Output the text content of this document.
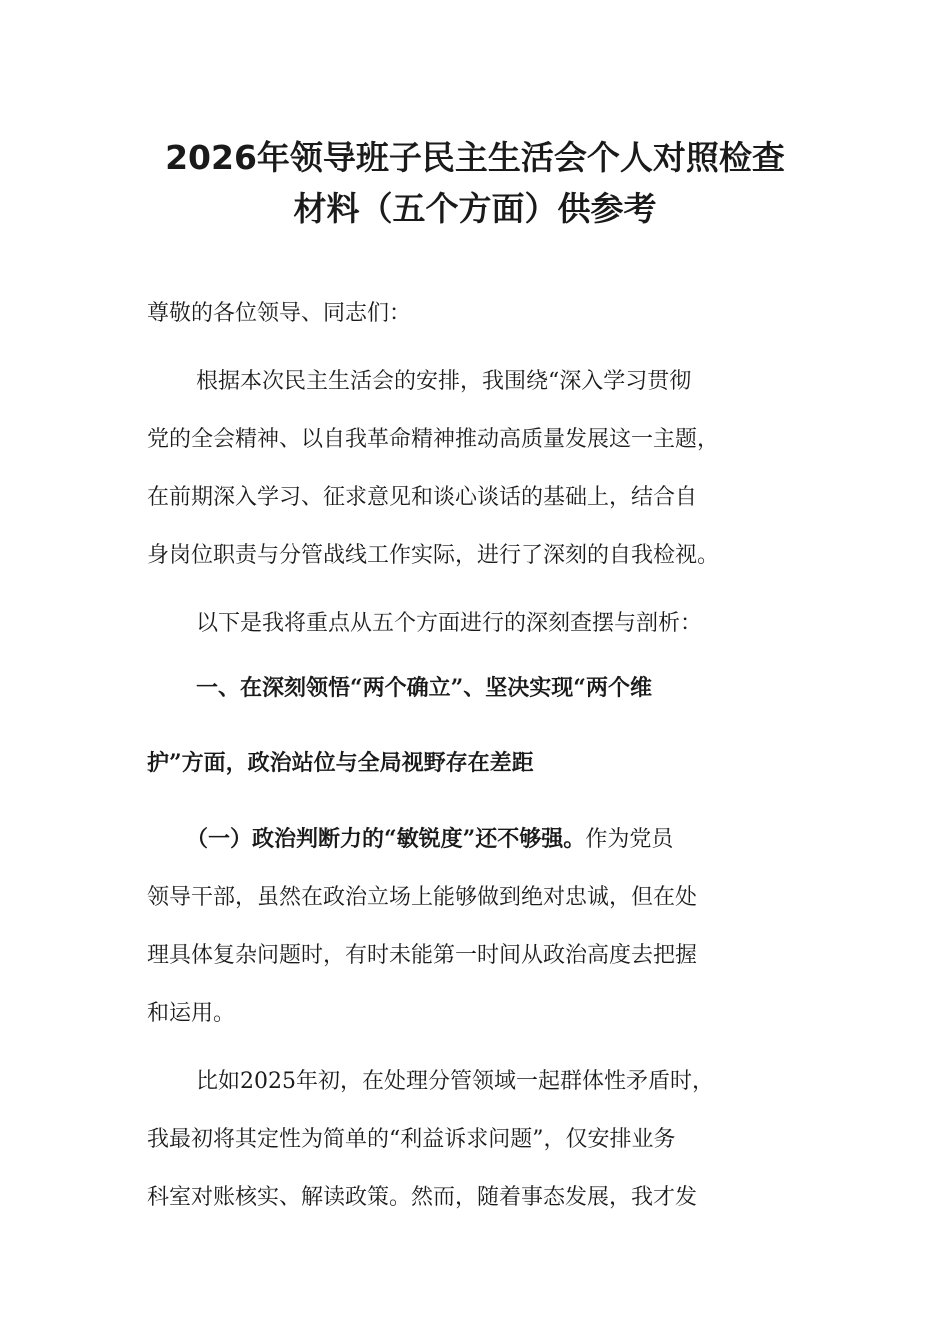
2026年领导班子民主生活会个人对照检查
材料（五个方面）供参考

尊敬的各位领导、同志们：

根据本次民主生活会的安排，我围绕“深入学习贯彻

党的全会精神、以自我革命精神推动高质量发展这一主题，

在前期深入学习、征求意见和谈心谈话的基础上，结合自

身岗位职责与分管战线工作实际，进行了深刻的自我检视。

以下是我将重点从五个方面进行的深刻查摆与剖析：

一、在深刻领悟“两个确立”、坚决实现“两个维

护”方面，政治站位与全局视野存在差距

（一）政治判断力的“敏锐度”还不够强。作为党员

领导干部，虽然在政治立场上能够做到绝对忠诚，但在处

理具体复杂问题时，有时未能第一时间从政治高度去把握

和运用。

比如2025年初，在处理分管领域一起群体性矛盾时，

我最初将其定性为简单的“利益诉求问题”，仅安排业务

科室对账核实、解读政策。然而，随着事态发展，我才发
